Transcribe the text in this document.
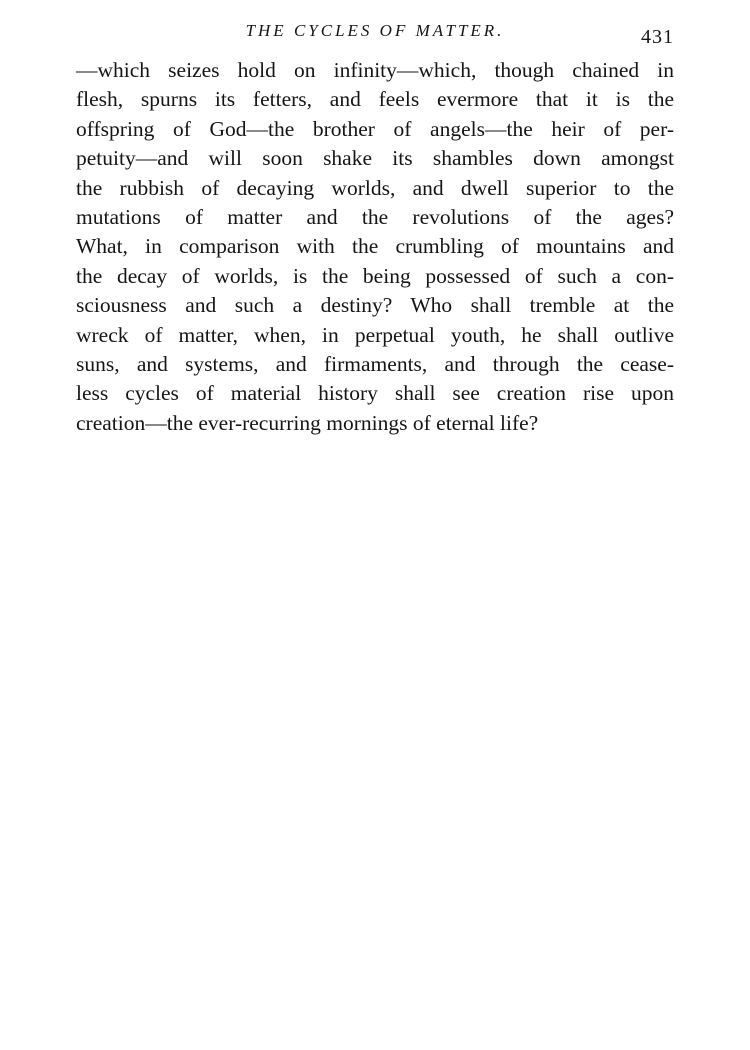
THE CYCLES OF MATTER.	431
—which seizes hold on infinity—which, though chained in
flesh, spurns its fetters, and feels evermore that it is the
offspring of God—the brother of angels—the heir of per-
petuity—and will soon shake its shambles down amongst
the rubbish of decaying worlds, and dwell superior to the
mutations of matter and the revolutions of the ages?
What, in comparison with the crumbling of mountains and
the decay of worlds, is the being possessed of such a con-
sciousness and such a destiny? Who shall tremble at the
wreck of matter, when, in perpetual youth, he shall outlive
suns, and systems, and firmaments, and through the cease-
less cycles of material history shall see creation rise upon
creation—the ever-recurring mornings of eternal life?
